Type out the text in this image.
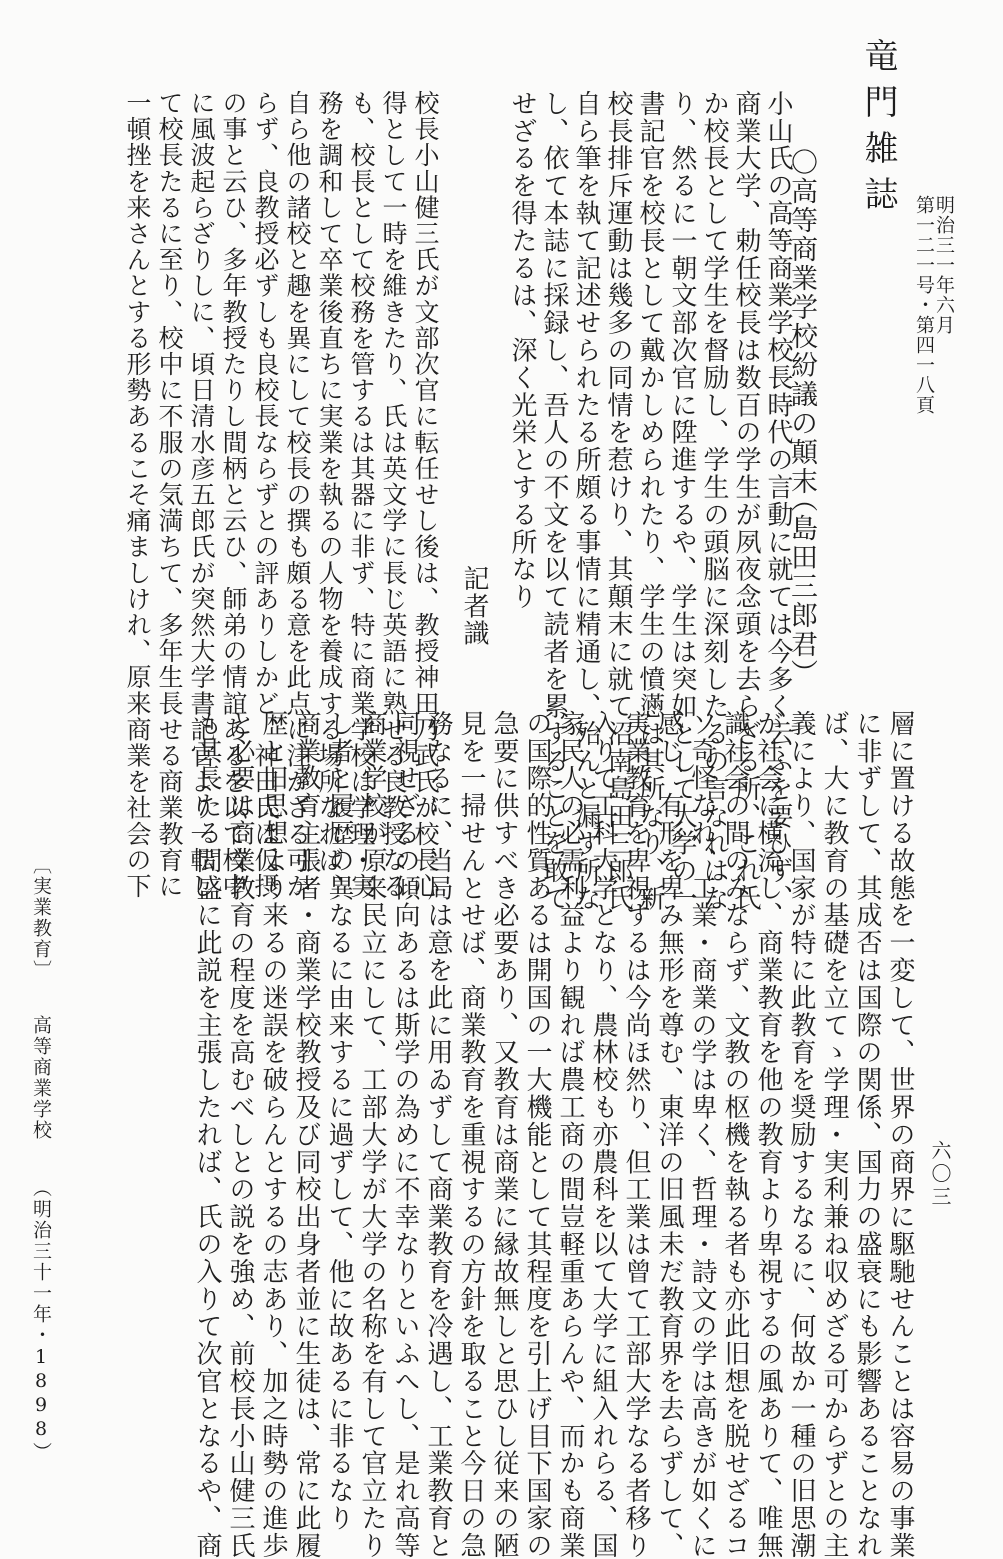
竜門雑誌
第一二一号・第四一八頁
明治三一年六月
〇高等商業学校紛議の顛末
（島田三郎君）
小山氏の高等商業学校長時代の言動に就ては今多く云ふを要ひず、
商業大学、勅任校長は数百の学生が夙夜念頭を去らざる所、これ氏
か校長として学生を督励し、学生の頭脳に深刻したるの言なれはな
り、然るに一朝文部次官に陞進するや、学生は突如として大学の一
書記官を校長として戴かしめられたり、学生の憤懣は其所なり、新
校長排斥運動は幾多の同情を惹けり、其顛末に就て沼南島田三郎氏
自ら筆を執て記述せられたる所頗る事情に精通し、殆んと漏す所な
し、依て本誌に採録し、吾人の不文を以て読者を累することを敢て
せざるを得たるは、深く光栄とする所なり
記者識
校長小山健三氏が文部次官に転任せし後は、教授神田乃武氏が校長心
得として一時を維きたり、氏は英文学に長じ英語に熟せる良教授なる
も、校長として校務を管するは其器に非ず、特に商業学校は学理・実
務を調和して卒業後直ちに実業を執るの人物を養成する場所なれば、
自ら他の諸校と趣を異にして校長の撰も頗る意を此点に注がざる可か
らず、良教授必ずしも良校長ならずとの評ありしかど、神田氏は仮摂
の事と云ひ、多年教授たりし間柄と云ひ、師弟の情誼あるを以て校中
に風波起らざりしに、頃日清水彦五郎氏が突然大学書記官より一転し
て校長たるに至り、校中に不服の気満ちて、多年生長せる商業教育に
一頓挫を来さんとする形勢あるこそ痛ましけれ、原来商業を社会の下
〔実業教育〕
高等商業学校
（明治三十一年・1898）	層に置ける故態を一変して、世界の商界に駆馳せんことは容易の事業
に非ずして、其成否は国際の関係、国力の盛衰にも影響あることなれ
ば、大に教育の基礎を立てゝ学理・実利兼ね収めざる可からずとの主
義により、国家が特に此教育を奨励するなるに、何故か一種の旧思潮
が社会に横流し、商業教育を他の教育より卑視するの風ありて、唯無
識社会の間のみならず、文教の枢機を執る者も亦此旧想を脱せざるコ
ソ奇怪なれ、工業・商業の学は卑く、哲理・詩文の学は高きが如くに
感じ、有形を卑み無形を尊む、東洋の旧風未だ教育界を去らずして、
実業教育を卑視するは今尚ほ然り、但工業は曾て工部大学なる者移り
入りて工科大学となり、農林校も亦農科を以て大学に組入れらる、国
家民人の必需利益より観れば農工商の間豈軽重あらんや、而かも商業
の国際的性質あるは開国の一大機能として其程度を引上げ目下国家の
急要に供すべき必要あり、又教育は商業に縁故無しと思ひし従来の陋
見を一掃せんとせば、商業教育を重視するの方針を取ること今日の急
務なるに、当局は意を此に用ゐずして商業教育を冷遇し、工業教育と
同視せざるの傾向あるは斯学の為めに不幸なりといふへし、是れ高等
商業学校が原来民立にして、工部大学が大学の名称を有して官立たり
し者と履歴の異なるに由来するに過ずして、他に故あるに非るなり
商業教育主張者・商業学校教授及び同校出身者並に生徒は、常に此履
歴と旧思想より来るの迷誤を破らんとするの志あり、加之時勢の進歩
と必要は商業教育の程度を高むべしとの説を強め、前校長小山健三氏
も其長たる間盛に此説を主張したれば、氏の入りて次官となるや、商	六〇三
